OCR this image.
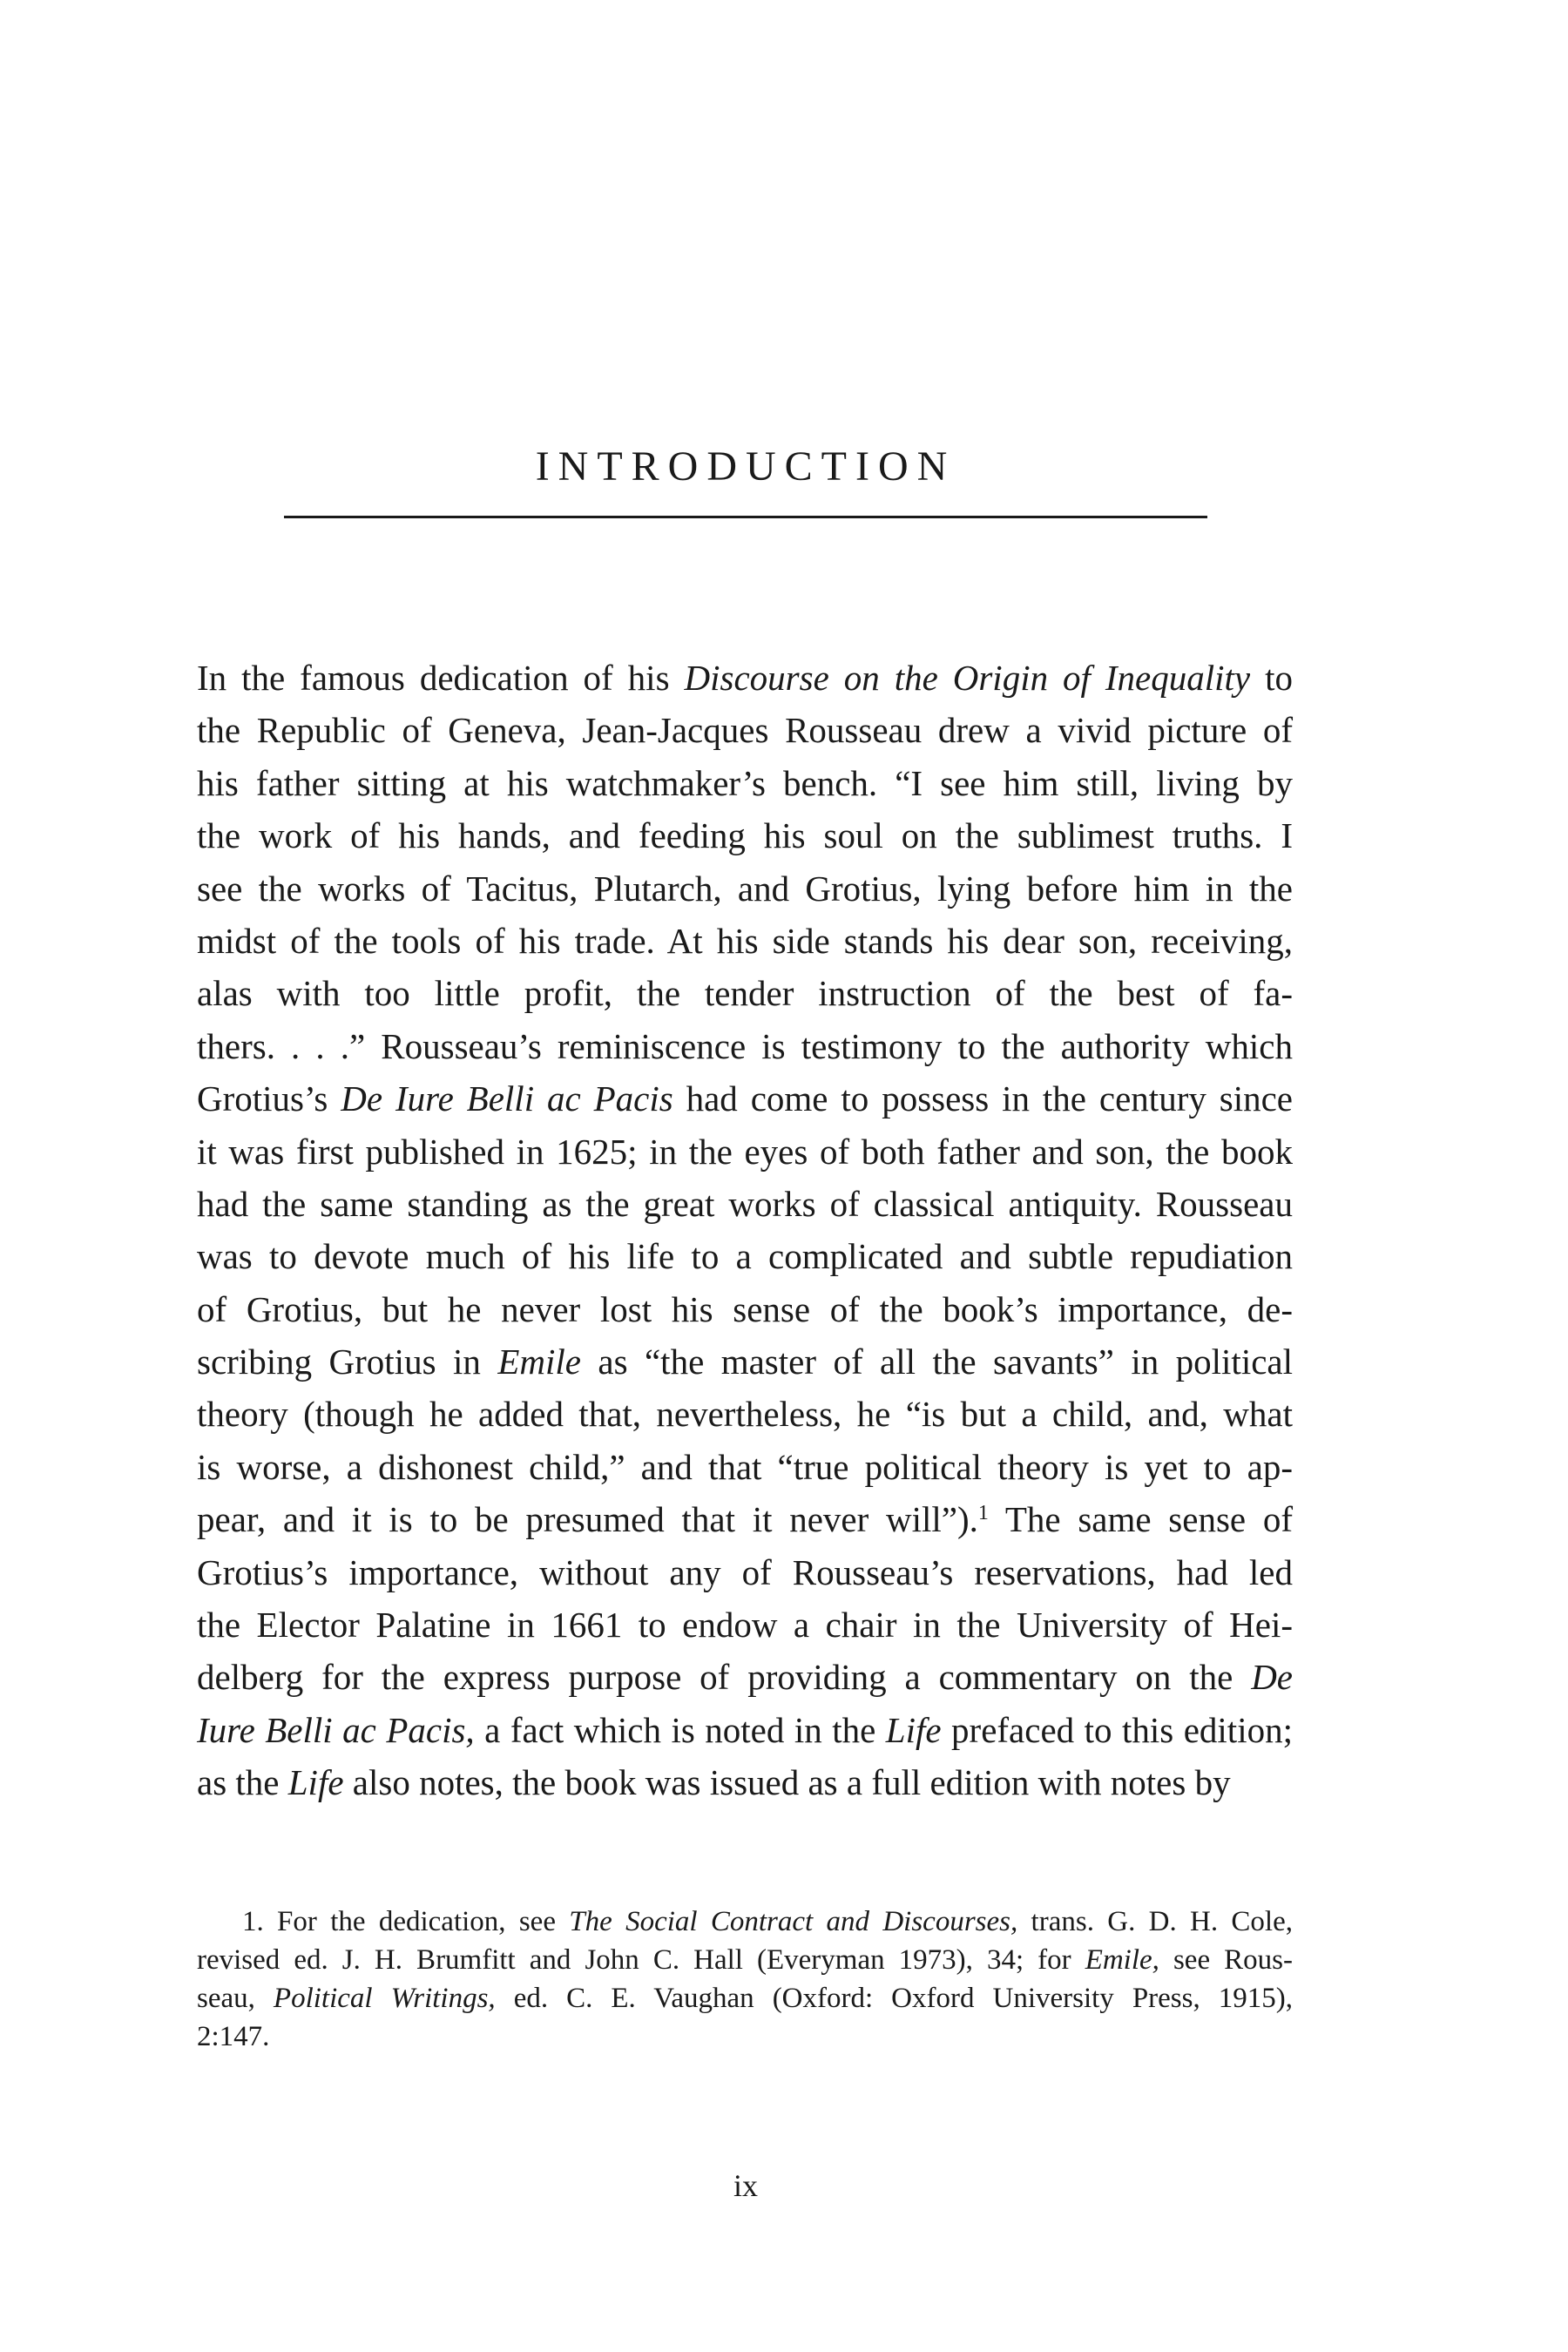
INTRODUCTION
In the famous dedication of his Discourse on the Origin of Inequality to
the Republic of Geneva, Jean-Jacques Rousseau drew a vivid picture of
his father sitting at his watchmaker’s bench. “I see him still, living by
the work of his hands, and feeding his soul on the sublimest truths. I
see the works of Tacitus, Plutarch, and Grotius, lying before him in the
midst of the tools of his trade. At his side stands his dear son, receiving,
alas with too little profit, the tender instruction of the best of fa-
thers. . . .” Rousseau’s reminiscence is testimony to the authority which
Grotius’s De Iure Belli ac Pacis had come to possess in the century since
it was first published in 1625; in the eyes of both father and son, the book
had the same standing as the great works of classical antiquity. Rousseau
was to devote much of his life to a complicated and subtle repudiation
of Grotius, but he never lost his sense of the book’s importance, de-
scribing Grotius in Emile as “the master of all the savants” in political
theory (though he added that, nevertheless, he “is but a child, and, what
is worse, a dishonest child,” and that “true political theory is yet to ap-
pear, and it is to be presumed that it never will”).$^1$ The same sense of
Grotius’s importance, without any of Rousseau’s reservations, had led
the Elector Palatine in 1661 to endow a chair in the University of Hei-
delberg for the express purpose of providing a commentary on the De
Iure Belli ac Pacis, a fact which is noted in the Life prefaced to this edition;
as the Life also notes, the book was issued as a full edition with notes by
1. For the dedication, see The Social Contract and Discourses, trans. G. D. H. Cole,
revised ed. J. H. Brumfitt and John C. Hall (Everyman 1973), 34; for Emile, see Rous-
seau, Political Writings, ed. C. E. Vaughan (Oxford: Oxford University Press, 1915),
2:147.
ix
